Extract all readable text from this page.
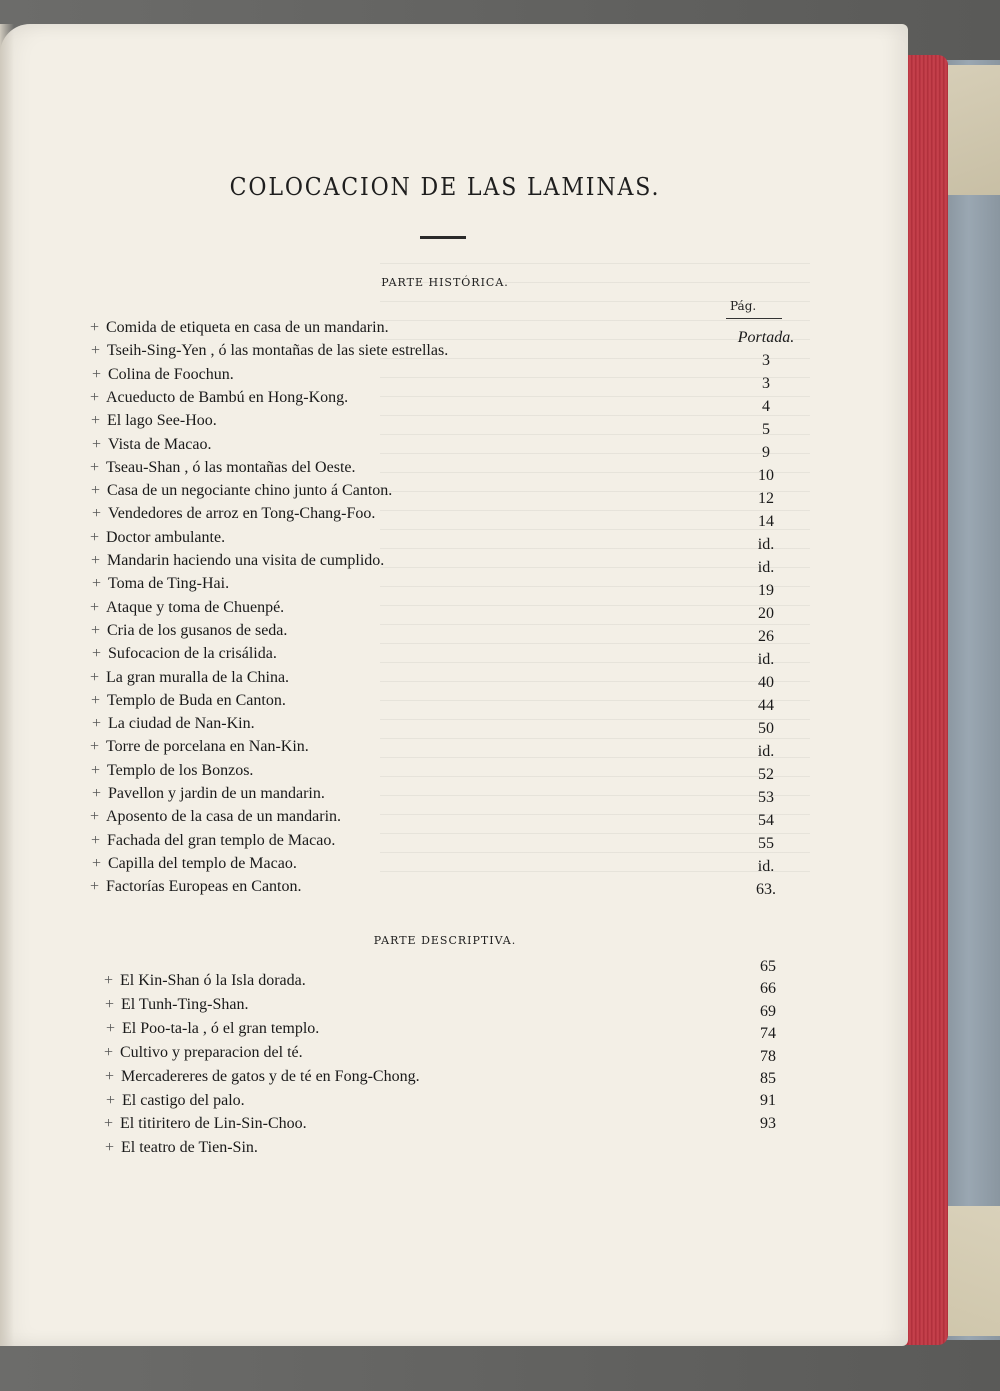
COLOCACION DE LAS LAMINAS.
PARTE HISTÓRICA.
Pág.
+ Comida de etiqueta en casa de un mandarin.
+ Tseih-Sing-Yen , ó las montañas de las siete estrellas.
+ Colina de Foochun.
+ Acueducto de Bambú en Hong-Kong.
+ El lago See-Hoo.
+ Vista de Macao.
+ Tseau-Shan , ó las montañas del Oeste.
+ Casa de un negociante chino junto á Canton.
+ Vendedores de arroz en Tong-Chang-Foo.
+ Doctor ambulante.
+ Mandarin haciendo una visita de cumplido.
+ Toma de Ting-Hai.
+ Ataque y toma de Chuenpé.
+ Cria de los gusanos de seda.
+ Sufocacion de la crisálida.
+ La gran muralla de la China.
+ Templo de Buda en Canton.
+ La ciudad de Nan-Kin.
+ Torre de porcelana en Nan-Kin.
+ Templo de los Bonzos.
+ Pavellon y jardin de un mandarin.
+ Aposento de la casa de un mandarin.
+ Fachada del gran templo de Macao.
+ Capilla del templo de Macao.
+ Factorías Europeas en Canton.
Portada.
3
3
4
5
9
10
12
14
id.
id.
19
20
26
id.
40
44
50
id.
52
53
54
55
id.
63.
PARTE DESCRIPTIVA.
+ El Kin-Shan ó la Isla dorada.
+ El Tunh-Ting-Shan.
+ El Poo-ta-la , ó el gran templo.
+ Cultivo y preparacion del té.
+ Mercadereres de gatos y de té en Fong-Chong.
+ El castigo del palo.
+ El titiritero de Lin-Sin-Choo.
+ El teatro de Tien-Sin.
65
66
69
74
78
85
91
93
